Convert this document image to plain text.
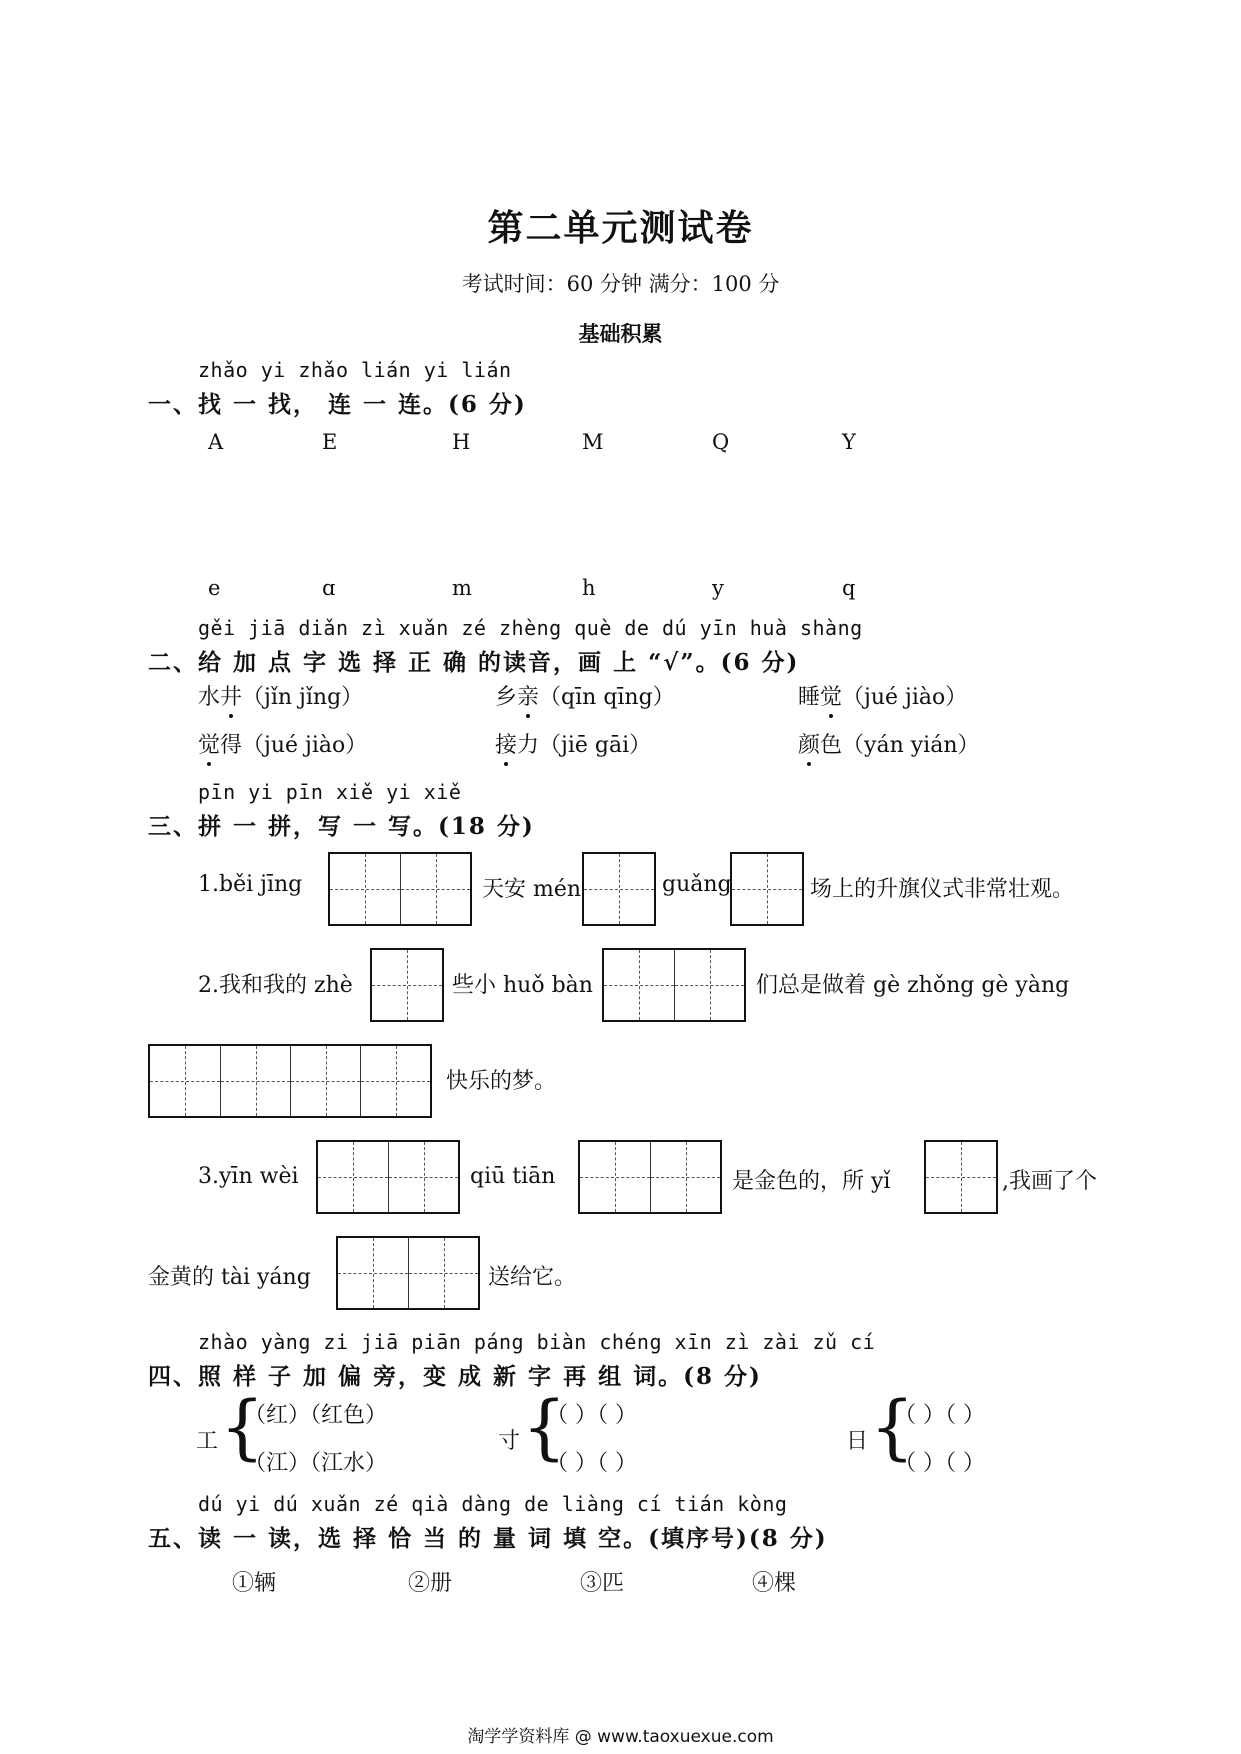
第二单元测试卷
考试时间：60 分钟 满分：100 分
基础积累
zhǎo yi zhǎo lián yi lián
一、找 一 找， 连 一 连。(6 分)
A	E	H	M	Q	Y
e	ɑ	m	h	y	q
gěi jiā diǎn zì xuǎn zé zhèng què de dú yīn huà shàng
二、给 加 点 字 选 择 正 确 的读音，画 上 “√”。(6 分)
水井（jǐn jǐng）	乡亲（qīn qīng）	睡觉（jué jiào）
觉得（jué jiào）	接力（jiē gāi）	颜色（yán yián）
pīn yi pīn xiě yi xiě
三、拼 一 拼，写 一 写。(18 分)
1.běi jīng	天安 mén	guǎng	场上的升旗仪式非常壮观。
2.我和我的 zhè	些小 huǒ bàn	们总是做着 gè zhǒng gè yàng
快乐的梦。
3.yīn wèi	qiū tiān	是金色的，所 yǐ	,我画了个
金黄的 tài yáng	送给它。
zhào yàng zi jiā piān páng biàn chéng xīn zì zài zǔ cí
四、照 样 子 加 偏 旁，变 成 新 字 再 组 词。(8 分)
工 {
（红）（红色）
（江）（江水）
寸 {
（ ）（ ）
（ ）（ ）
日 {
（ ）（ ）
（ ）（ ）
dú yi dú xuǎn zé qià dàng de liàng cí tián kòng
五、读 一 读，选 择 恰 当 的 量 词 填 空。(填序号)(8 分)
①辆	②册	③匹	④棵
淘学学资料库 @ www.taoxuexue.com
